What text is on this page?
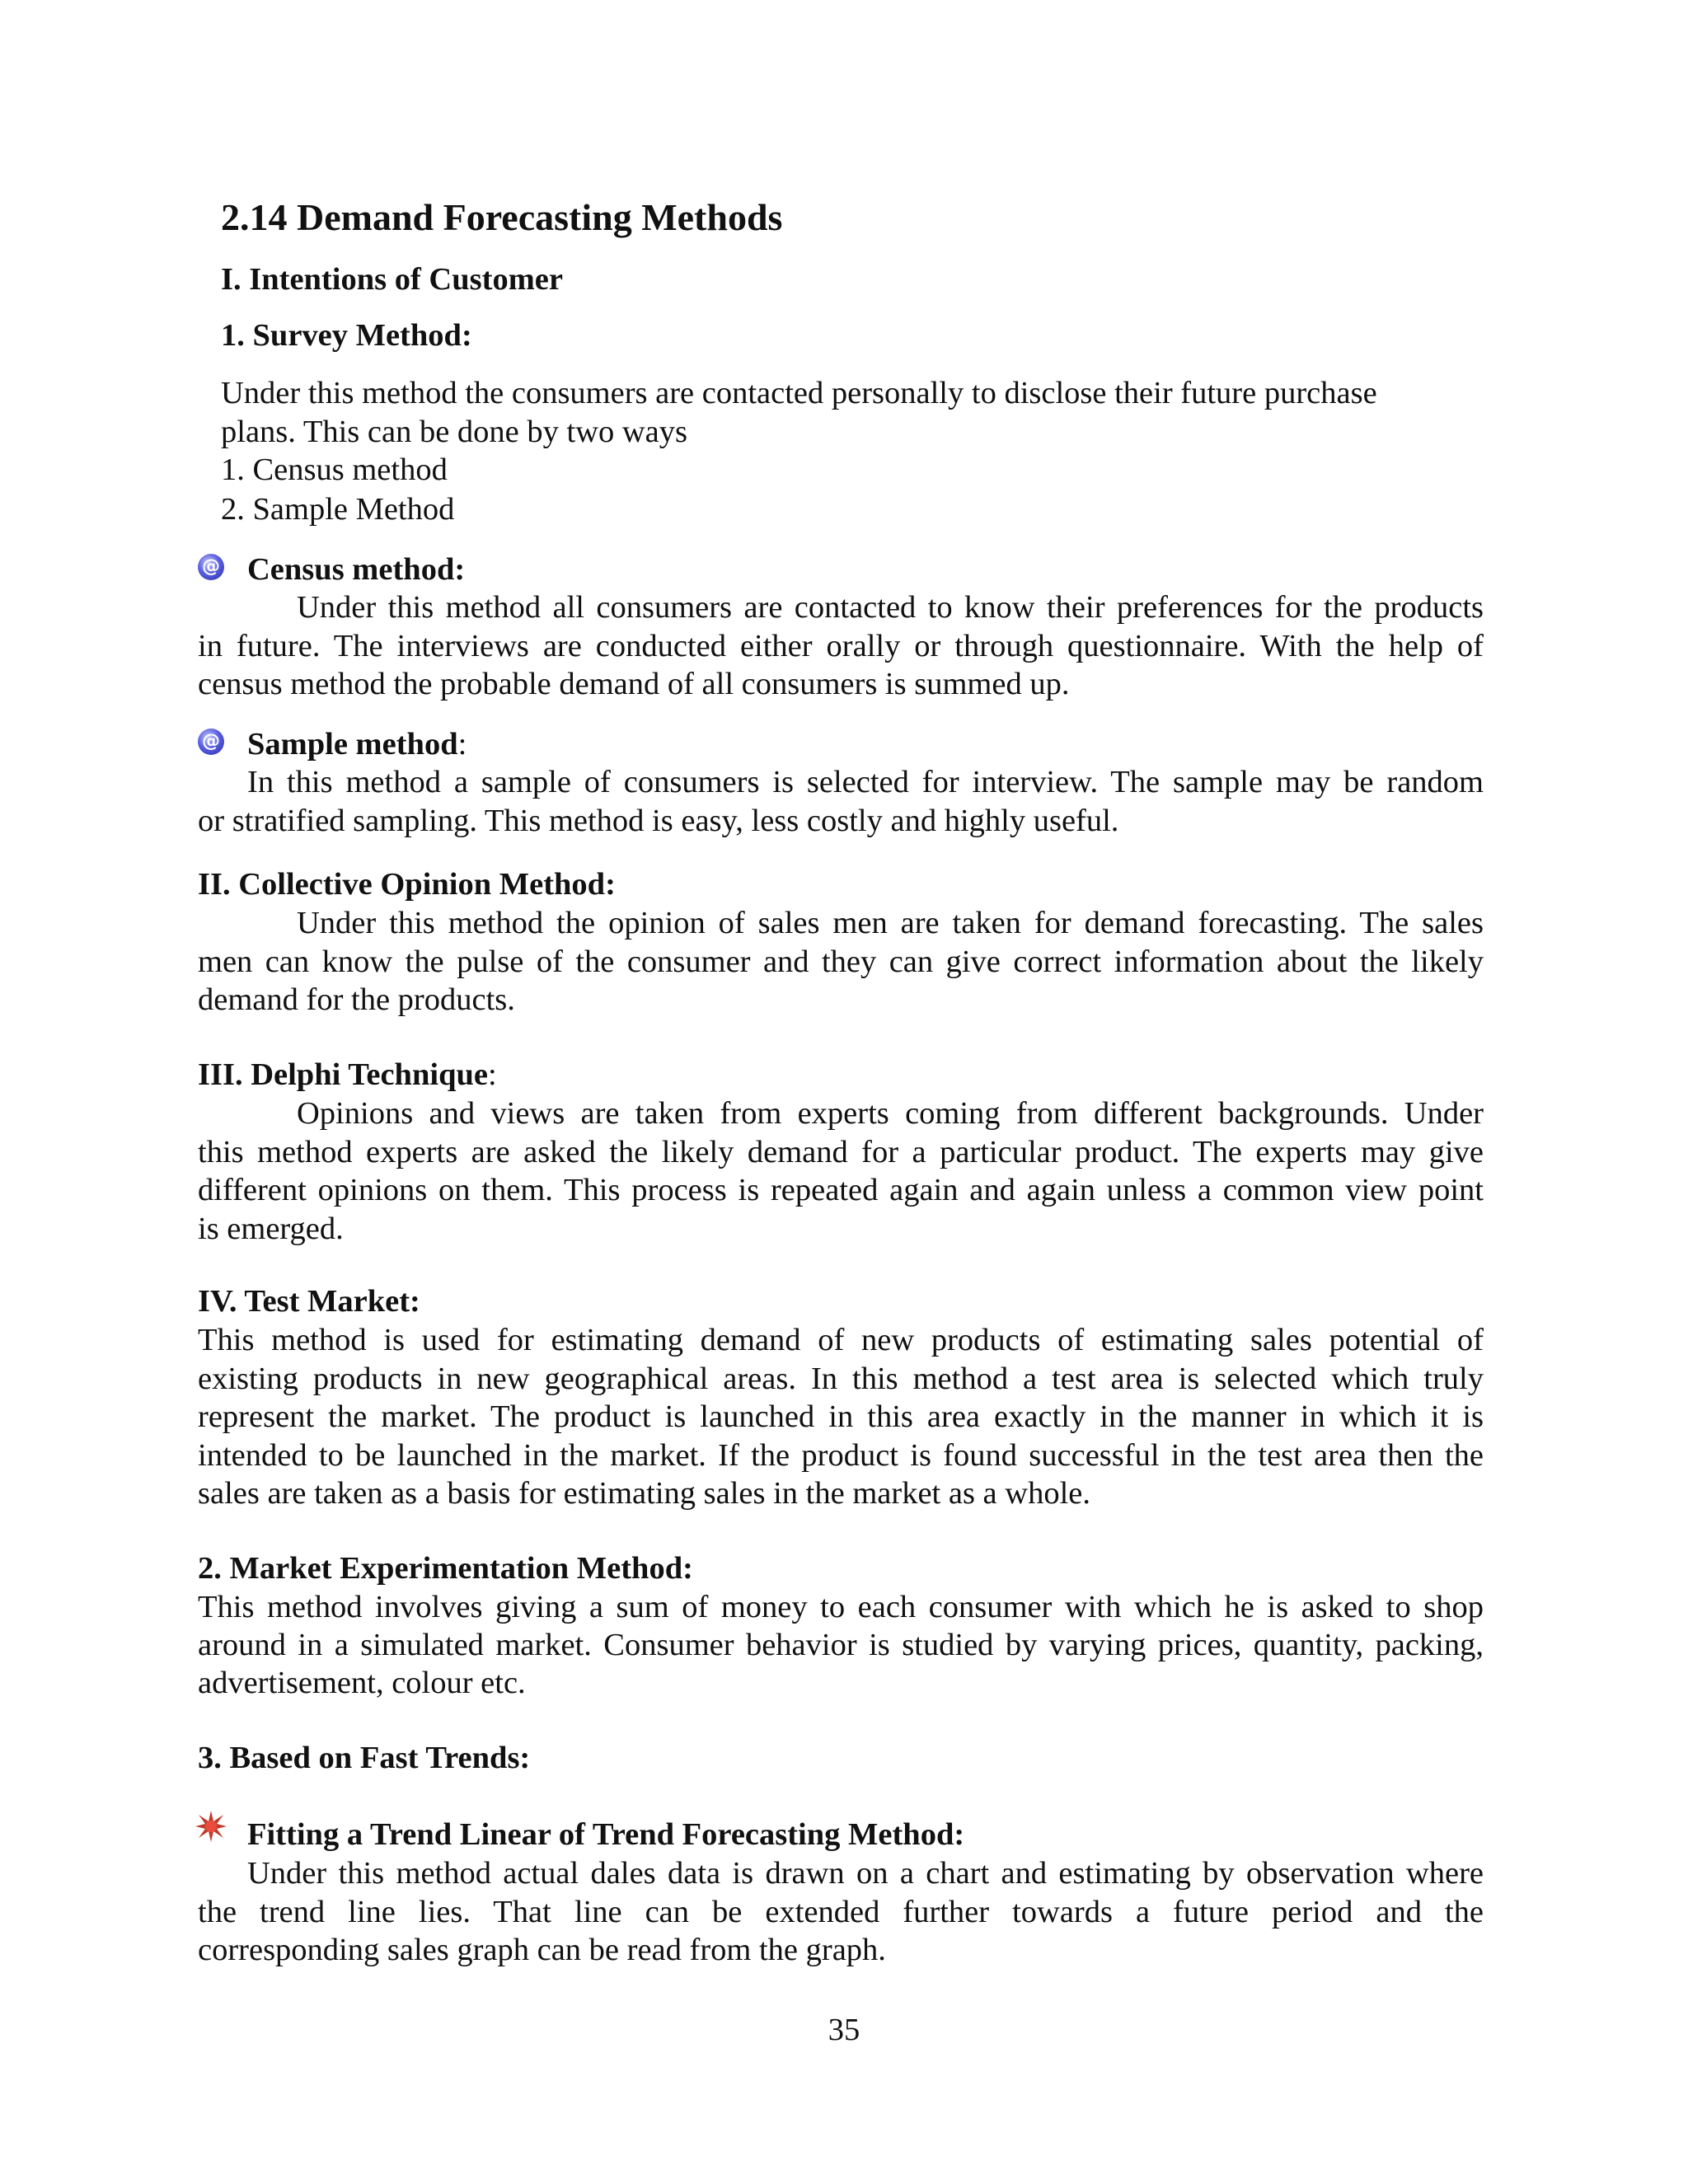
2.14 Demand Forecasting Methods
I. Intentions of Customer
1. Survey Method:
Under this method the consumers are contacted personally to disclose their future purchase
plans. This can be done by two ways
1. Census method
2. Sample Method
@ Census method:
Under this method all consumers are contacted to know their preferences for the products
in future. The interviews are conducted either orally or through questionnaire. With the help of
census method the probable demand of all consumers is summed up.
@ Sample method:
In this method a sample of consumers is selected for interview. The sample may be random
or stratified sampling. This method is easy, less costly and highly useful.
II. Collective Opinion Method:
Under this method the opinion of sales men are taken for demand forecasting. The sales
men can know the pulse of the consumer and they can give correct information about the likely
demand for the products.
III. Delphi Technique:
Opinions and views are taken from experts coming from different backgrounds. Under
this method experts are asked the likely demand for a particular product. The experts may give
different opinions on them. This process is repeated again and again unless a common view point
is emerged.
IV. Test Market:
This method is used for estimating demand of new products of estimating sales potential of
existing products in new geographical areas. In this method a test area is selected which truly
represent the market. The product is launched in this area exactly in the manner in which it is
intended to be launched in the market. If the product is found successful in the test area then the
sales are taken as a basis for estimating sales in the market as a whole.
2. Market Experimentation Method:
This method involves giving a sum of money to each consumer with which he is asked to shop
around in a simulated market. Consumer behavior is studied by varying prices, quantity, packing,
advertisement, colour etc.
3. Based on Fast Trends:
Fitting a Trend Linear of Trend Forecasting Method:
Under this method actual dales data is drawn on a chart and estimating by observation where
the trend line lies. That line can be extended further towards a future period and the
corresponding sales graph can be read from the graph.
35
